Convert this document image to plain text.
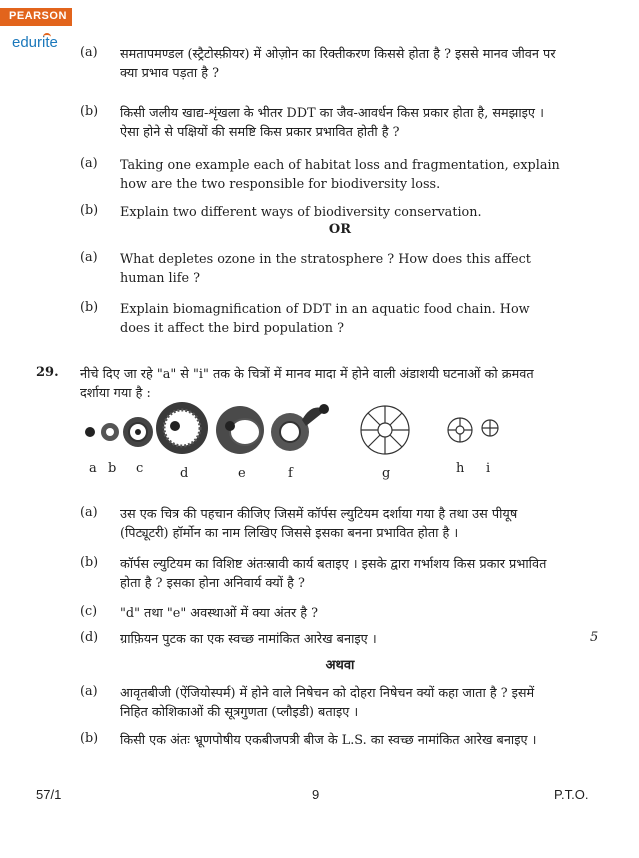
PEARSON
edurite
(a) समतापमण्डल (स्ट्रैटोस्फ़ीयर) में ओज़ोन का रिक्तीकरण किससे होता है ? इससे मानव जीवन पर क्या प्रभाव पड़ता है ?
(b) किसी जलीय खाद्य-शृंखला के भीतर DDT का जैव-आवर्धन किस प्रकार होता है, समझाइए । ऐसा होने से पक्षियों की समष्टि किस प्रकार प्रभावित होती है ?
(a) Taking one example each of habitat loss and fragmentation, explain how are the two responsible for biodiversity loss.
(b) Explain two different ways of biodiversity conservation.
OR
(a) What depletes ozone in the stratosphere ? How does this affect human life ?
(b) Explain biomagnification of DDT in an aquatic food chain. How does it affect the bird population ?
29. नीचे दिए जा रहे "a" से "i" तक के चित्रों में मानव मादा में होने वाली अंडाशयी घटनाओं को क्रमवत दर्शाया गया है :
a b c	d	e	f	g	h i
(a) उस एक चित्र की पहचान कीजिए जिसमें कॉर्पस ल्युटियम दर्शाया गया है तथा उस पीयूष (पिट्यूटरी) हॉर्मोन का नाम लिखिए जिससे इसका बनना प्रभावित होता है ।
(b) कॉर्पस ल्युटियम का विशिष्ट अंतःस्रावी कार्य बताइए । इसके द्वारा गर्भाशय किस प्रकार प्रभावित होता है ? इसका होना अनिवार्य क्यों है ?
(c) "d" तथा "e" अवस्थाओं में क्या अंतर है ?
(d) ग्राफ़ियन पुटक का एक स्वच्छ नामांकित आरेख बनाइए ।	5
अथवा
(a) आवृतबीजी (ऐंजियोस्पर्म) में होने वाले निषेचन को दोहरा निषेचन क्यों कहा जाता है ? इसमें निहित कोशिकाओं की सूत्रगुणता (प्लौइडी) बताइए ।
(b) किसी एक अंतः भ्रूणपोषीय एकबीजपत्री बीज के L.S. का स्वच्छ नामांकित आरेख बनाइए ।
57/1	9	P.T.O.
